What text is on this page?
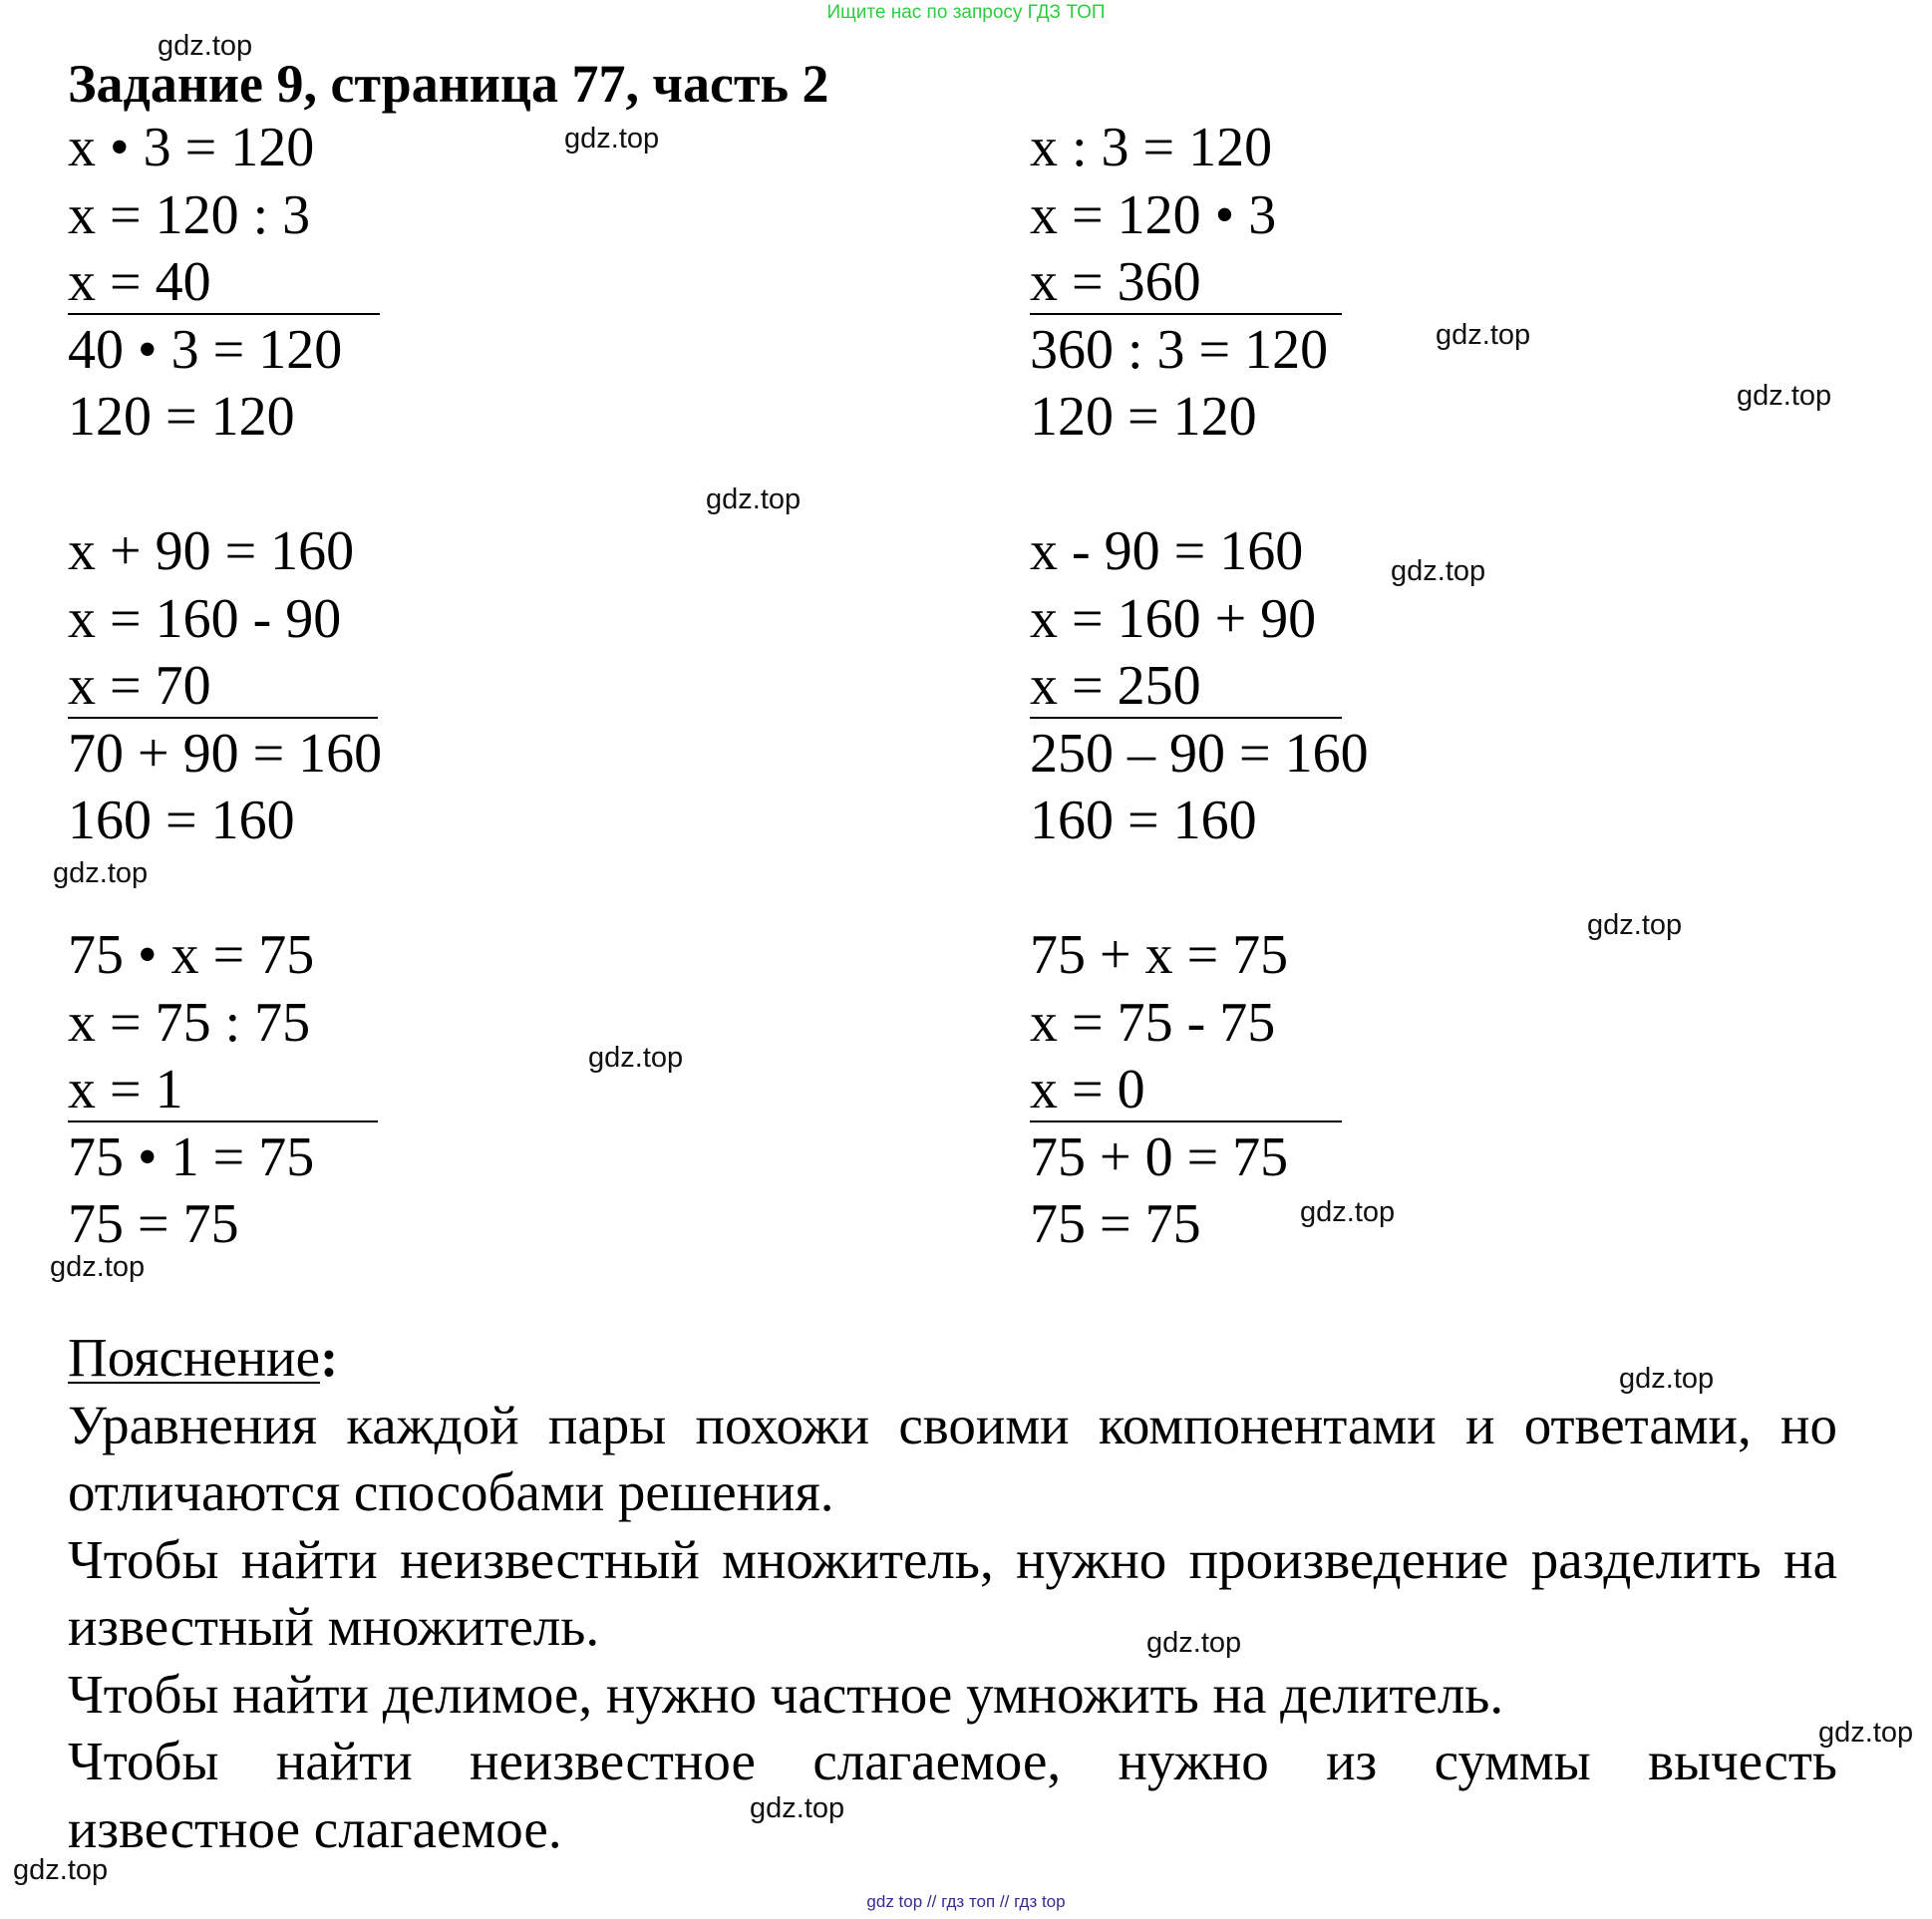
Ищите нас по запросу ГДЗ ТОП
Задание 9, страница 77, часть 2
x • 3 = 120
x = 120 : 3
x = 40
40 • 3 = 120
120 = 120
x : 3 = 120
x = 120 • 3
x = 360
360 : 3 = 120
120 = 120
x + 90 = 160
x = 160 - 90
x = 70
70 + 90 = 160
160 = 160
x - 90 = 160
x = 160 + 90
x = 250
250 – 90 = 160
160 = 160
75 • x = 75
x = 75 : 75
x = 1
75 • 1 = 75
75 = 75
75 + x = 75
x = 75 - 75
x = 0
75 + 0 = 75
75 = 75
Пояснение:
Уравнения каждой пары похожи своими компонентами и ответами, но отличаются способами решения.
Чтобы найти неизвестный множитель, нужно произведение разделить на известный множитель.
Чтобы найти делимое, нужно частное умножить на делитель.
Чтобы найти неизвестное слагаемое, нужно из суммы вычесть
известное слагаемое.
gdz.top
gdz.top
gdz.top
gdz.top
gdz.top
gdz.top
gdz.top
gdz.top
gdz.top
gdz.top
gdz.top
gdz.top
gdz.top
gdz.top
gdz.top
gdz.top
gdz top // гдз топ // гдз top
